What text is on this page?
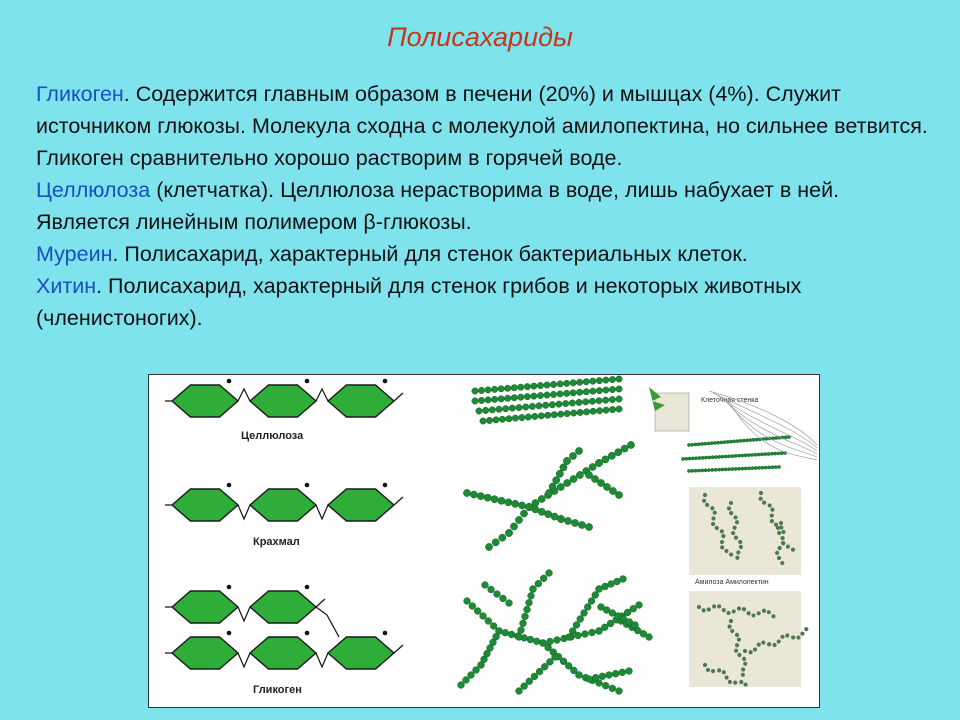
Полисахариды

Гликоген. Содержится главным образом в печени (20%) и мышцах (4%). Служит источником глюкозы. Молекула сходна с молекулой амилопектина, но сильнее ветвится. Гликоген сравнительно хорошо растворим в горячей воде.

Целлюлоза (клетчатка). Целлюлоза нерастворима в воде, лишь набухает в ней. Является линейным полимером β-глюкозы.

Муреин. Полисахарид, характерный для стенок бактериальных клеток.

Хитин. Полисахарид, характерный для стенок грибов и некоторых животных (членистоногих).

Целлюлоза
Крахмал
Гликоген
Клеточная стенка
Амилоза Амилопектин
